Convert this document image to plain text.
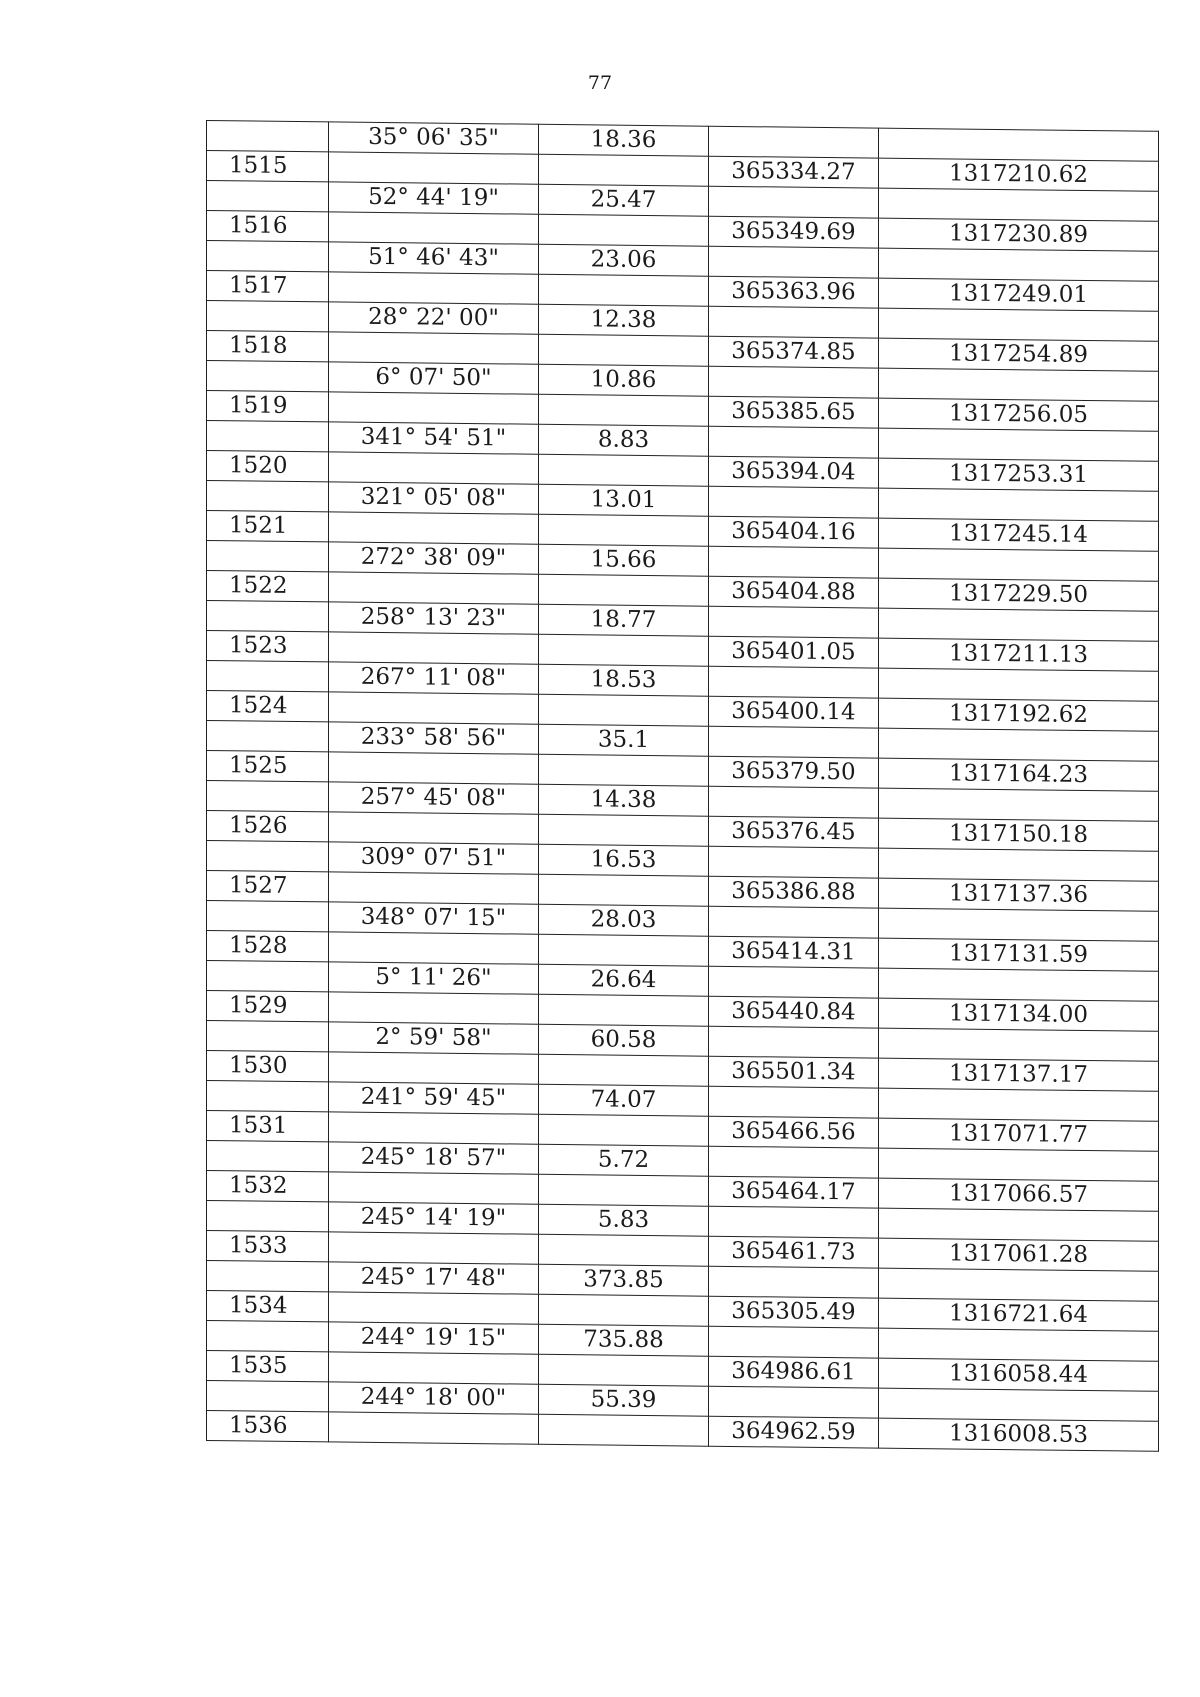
77
	35° 06' 35"	18.36		
1515			365334.27	1317210.62
	52° 44' 19"	25.47		
1516			365349.69	1317230.89
	51° 46' 43"	23.06		
1517			365363.96	1317249.01
	28° 22' 00"	12.38		
1518			365374.85	1317254.89
	6° 07' 50"	10.86		
1519			365385.65	1317256.05
	341° 54' 51"	8.83		
1520			365394.04	1317253.31
	321° 05' 08"	13.01		
1521			365404.16	1317245.14
	272° 38' 09"	15.66		
1522			365404.88	1317229.50
	258° 13' 23"	18.77		
1523			365401.05	1317211.13
	267° 11' 08"	18.53		
1524			365400.14	1317192.62
	233° 58' 56"	35.1		
1525			365379.50	1317164.23
	257° 45' 08"	14.38		
1526			365376.45	1317150.18
	309° 07' 51"	16.53		
1527			365386.88	1317137.36
	348° 07' 15"	28.03		
1528			365414.31	1317131.59
	5° 11' 26"	26.64		
1529			365440.84	1317134.00
	2° 59' 58"	60.58		
1530			365501.34	1317137.17
	241° 59' 45"	74.07		
1531			365466.56	1317071.77
	245° 18' 57"	5.72		
1532			365464.17	1317066.57
	245° 14' 19"	5.83		
1533			365461.73	1317061.28
	245° 17' 48"	373.85		
1534			365305.49	1316721.64
	244° 19' 15"	735.88		
1535			364986.61	1316058.44
	244° 18' 00"	55.39		
1536			364962.59	1316008.53
